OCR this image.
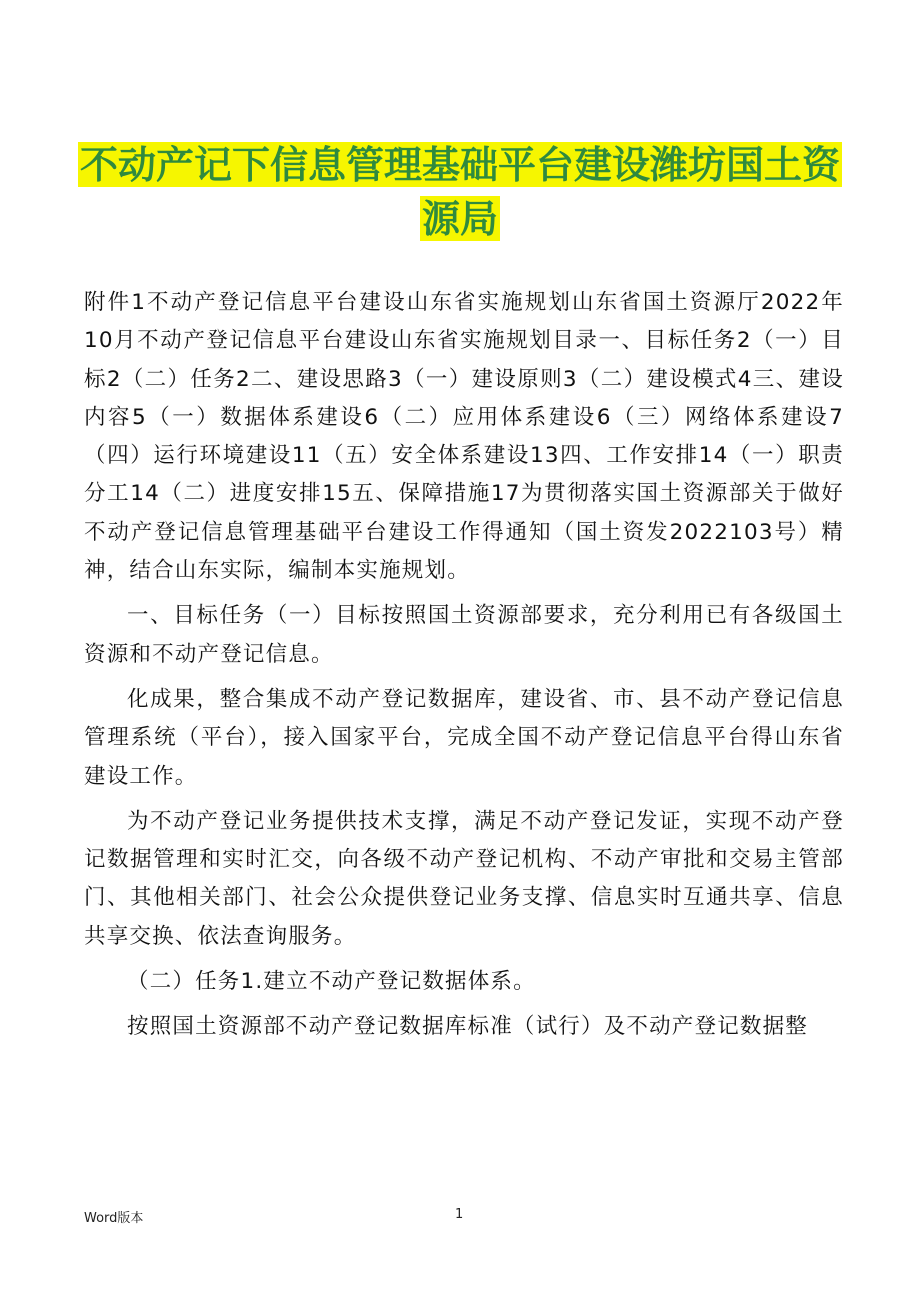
不动产记下信息管理基础平台建设潍坊国土资
源局

附件1不动产登记信息平台建设山东省实施规划山东省国土资源厅2022年10月不动产登记信息平台建设山东省实施规划目录一、目标任务2（一）目标2（二）任务2二、建设思路3（一）建设原则3（二）建设模式4三、建设内容5（一）数据体系建设6（二）应用体系建设6（三）网络体系建设7（四）运行环境建设11（五）安全体系建设13四、工作安排14（一）职责分工14（二）进度安排15五、保障措施17为贯彻落实国土资源部关于做好不动产登记信息管理基础平台建设工作得通知（国土资发2022103号）精神，结合山东实际，编制本实施规划。

一、目标任务（一）目标按照国土资源部要求，充分利用已有各级国土资源和不动产登记信息。

化成果，整合集成不动产登记数据库，建设省、市、县不动产登记信息管理系统（平台），接入国家平台，完成全国不动产登记信息平台得山东省建设工作。

为不动产登记业务提供技术支撑，满足不动产登记发证，实现不动产登记数据管理和实时汇交，向各级不动产登记机构、不动产审批和交易主管部门、其他相关部门、社会公众提供登记业务支撑、信息实时互通共享、信息共享交换、依法查询服务。

（二）任务1.建立不动产登记数据体系。

按照国土资源部不动产登记数据库标准（试行）及不动产登记数据整

Word版本	1
